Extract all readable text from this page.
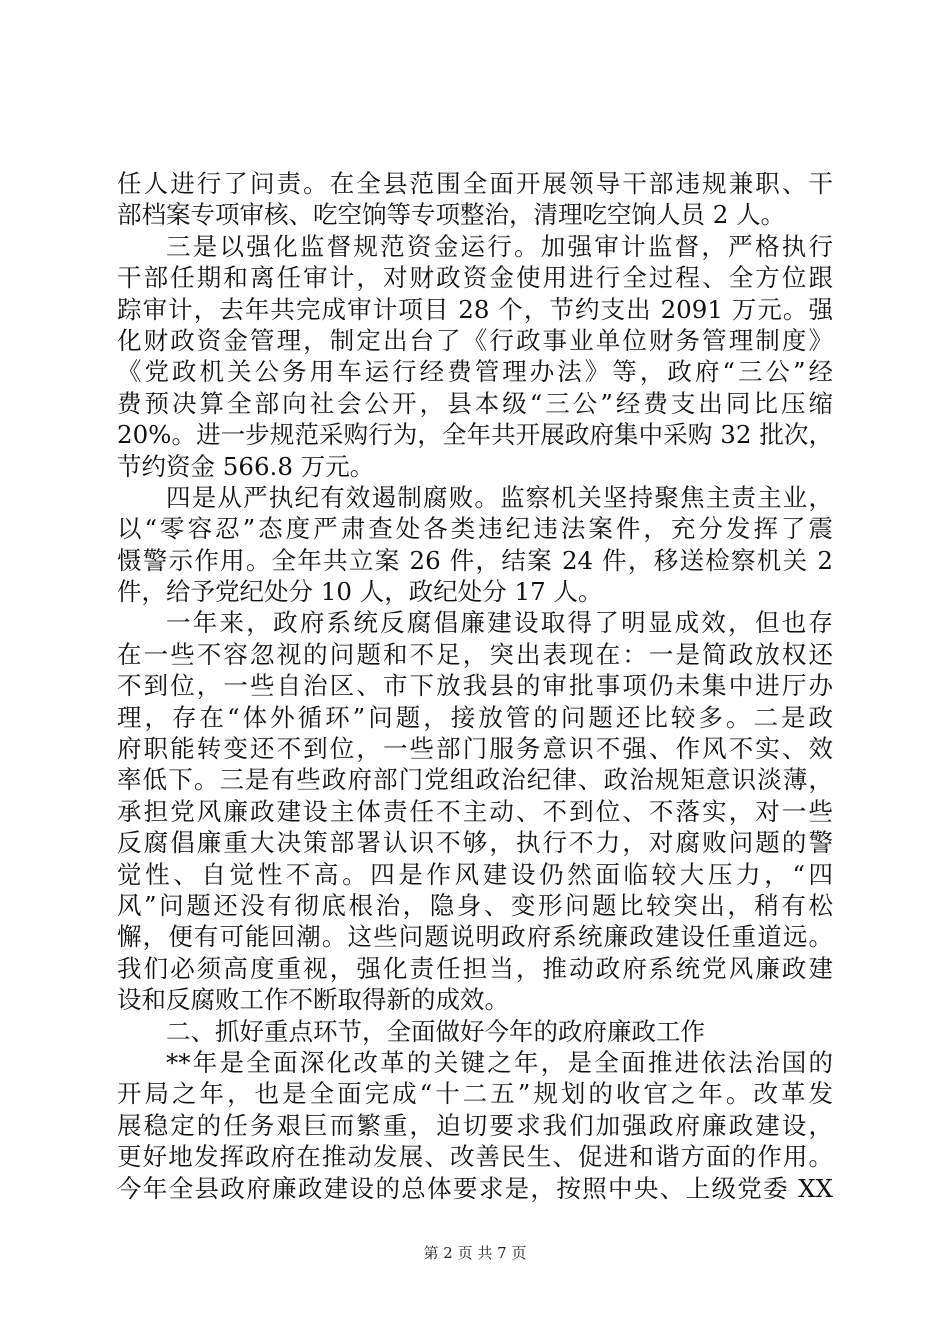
任人进行了问责。在全县范围全面开展领导干部违规兼职、干
部档案专项审核、吃空饷等专项整治，清理吃空饷人员 2 人。
三是以强化监督规范资金运行。加强审计监督，严格执行
干部任期和离任审计，对财政资金使用进行全过程、全方位跟
踪审计，去年共完成审计项目 28 个，节约支出 2091 万元。强
化财政资金管理，制定出台了《行政事业单位财务管理制度》
《党政机关公务用车运行经费管理办法》等，政府“三公”经
费预决算全部向社会公开，县本级“三公”经费支出同比压缩
20%。进一步规范采购行为，全年共开展政府集中采购 32 批次，
节约资金 566.8 万元。
四是从严执纪有效遏制腐败。监察机关坚持聚焦主责主业，
以“零容忍”态度严肃查处各类违纪违法案件，充分发挥了震
慑警示作用。全年共立案 26 件，结案 24 件，移送检察机关 2
件，给予党纪处分 10 人，政纪处分 17 人。
一年来，政府系统反腐倡廉建设取得了明显成效，但也存
在一些不容忽视的问题和不足，突出表现在：一是简政放权还
不到位，一些自治区、市下放我县的审批事项仍未集中进厅办
理，存在“体外循环”问题，接放管的问题还比较多。二是政
府职能转变还不到位，一些部门服务意识不强、作风不实、效
率低下。三是有些政府部门党组政治纪律、政治规矩意识淡薄，
承担党风廉政建设主体责任不主动、不到位、不落实，对一些
反腐倡廉重大决策部署认识不够，执行不力，对腐败问题的警
觉性、自觉性不高。四是作风建设仍然面临较大压力，“四
风”问题还没有彻底根治，隐身、变形问题比较突出，稍有松
懈，便有可能回潮。这些问题说明政府系统廉政建设任重道远。
我们必须高度重视，强化责任担当，推动政府系统党风廉政建
设和反腐败工作不断取得新的成效。
二、抓好重点环节，全面做好今年的政府廉政工作
**年是全面深化改革的关键之年，是全面推进依法治国的
开局之年，也是全面完成“十二五”规划的收官之年。改革发
展稳定的任务艰巨而繁重，迫切要求我们加强政府廉政建设，
更好地发挥政府在推动发展、改善民生、促进和谐方面的作用。
今年全县政府廉政建设的总体要求是，按照中央、上级党委 XX
第 2 页 共 7 页
